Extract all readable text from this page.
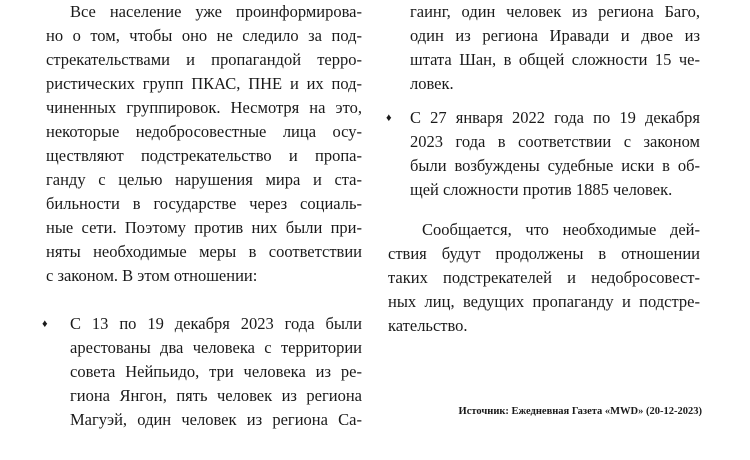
Все население уже проинформирова-
но о том, чтобы оно не следило за под-
стрекательствами и пропагандой терро-
ристических групп ПКАС, ПНЕ и их под-
чиненных группировок. Несмотря на это,
некоторые недобросовестные лица осу-
ществляют подстрекательство и пропа-
ганду с целью нарушения мира и ста-
бильности в государстве через социаль-
ные сети. Поэтому против них были при-
няты необходимые меры в соответствии
с законом. В этом отношении:
♦ С 13 по 19 декабря 2023 года были
арестованы два человека с территории
совета Нейпьидо, три человека из ре-
гиона Янгон, пять человек из региона
Магуэй, один человек из региона Са-
гаинг, один человек из региона Баго,
один из региона Иравади и двое из
штата Шан, в общей сложности 15 че-
ловек.
♦ С 27 января 2022 года по 19 декабря
2023 года в соответствии с законом
были возбуждены судебные иски в об-
щей сложности против 1885 человек.
Сообщается, что необходимые дей-
ствия будут продолжены в отношении
таких подстрекателей и недобросовест-
ных лиц, ведущих пропаганду и подстре-
кательство.
Источник: Ежедневная Газета «MWD» (20-12-2023)
